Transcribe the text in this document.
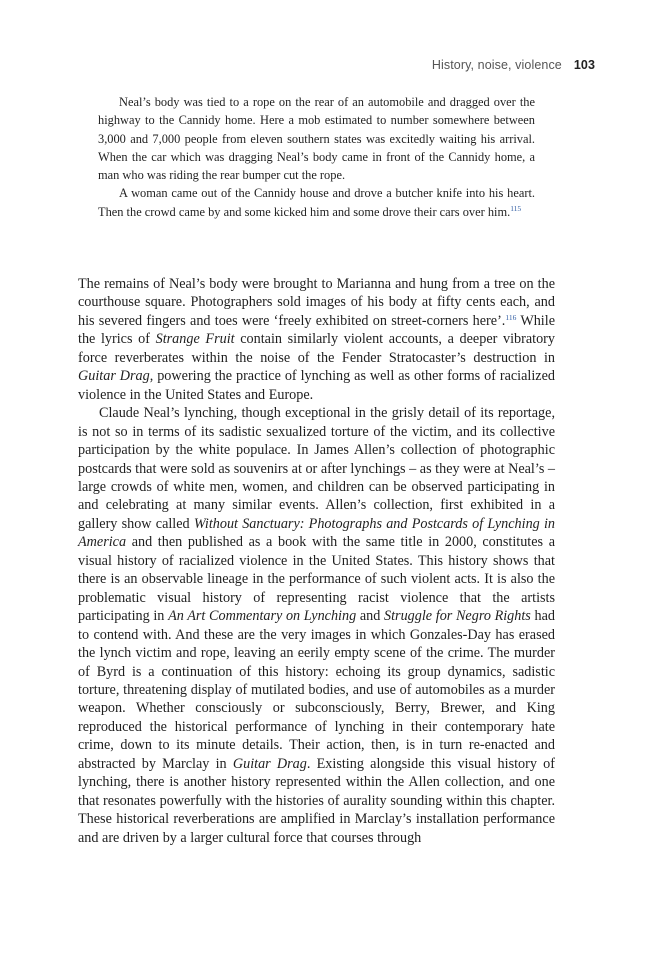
History, noise, violence 103

Neal’s body was tied to a rope on the rear of an automobile and dragged over the highway to the Cannidy home. Here a mob estimated to number somewhere between 3,000 and 7,000 people from eleven southern states was excitedly waiting his arrival. When the car which was dragging Neal’s body came in front of the Cannidy home, a man who was riding the rear bumper cut the rope.

A woman came out of the Cannidy house and drove a butcher knife into his heart. Then the crowd came by and some kicked him and some drove their cars over him.$^{115}$

The remains of Neal’s body were brought to Marianna and hung from a tree on the courthouse square. Photographers sold images of his body at fifty cents each, and his severed fingers and toes were ‘freely exhibited on street-corners here’.$^{116}$ While the lyrics of Strange Fruit contain similarly violent accounts, a deeper vibratory force reverberates within the noise of the Fender Stratocaster’s destruction in Guitar Drag, powering the practice of lynching as well as other forms of racialized violence in the United States and Europe.

Claude Neal’s lynching, though exceptional in the grisly detail of its reportage, is not so in terms of its sadistic sexualized torture of the victim, and its collective participation by the white populace. In James Allen’s collection of photographic postcards that were sold as souvenirs at or after lynchings – as they were at Neal’s – large crowds of white men, women, and children can be observed participating in and celebrating at many similar events. Allen’s collection, first exhibited in a gallery show called Without Sanctuary: Photographs and Postcards of Lynching in America and then published as a book with the same title in 2000, constitutes a visual history of racialized violence in the United States. This history shows that there is an observable lineage in the performance of such violent acts. It is also the problematic visual history of representing racist violence that the artists participating in An Art Commentary on Lynching and Struggle for Negro Rights had to contend with. And these are the very images in which Gonzales-Day has erased the lynch victim and rope, leaving an eerily empty scene of the crime. The murder of Byrd is a continuation of this history: echoing its group dynamics, sadistic torture, threatening display of mutilated bodies, and use of automobiles as a murder weapon. Whether consciously or subconsciously, Berry, Brewer, and King reproduced the historical performance of lynching in their contemporary hate crime, down to its minute details. Their action, then, is in turn re-enacted and abstracted by Marclay in Guitar Drag. Existing alongside this visual history of lynching, there is another history represented within the Allen collection, and one that resonates powerfully with the histories of aurality sounding within this chapter. These historical reverberations are amplified in Marclay’s installation performance and are driven by a larger cultural force that courses through
